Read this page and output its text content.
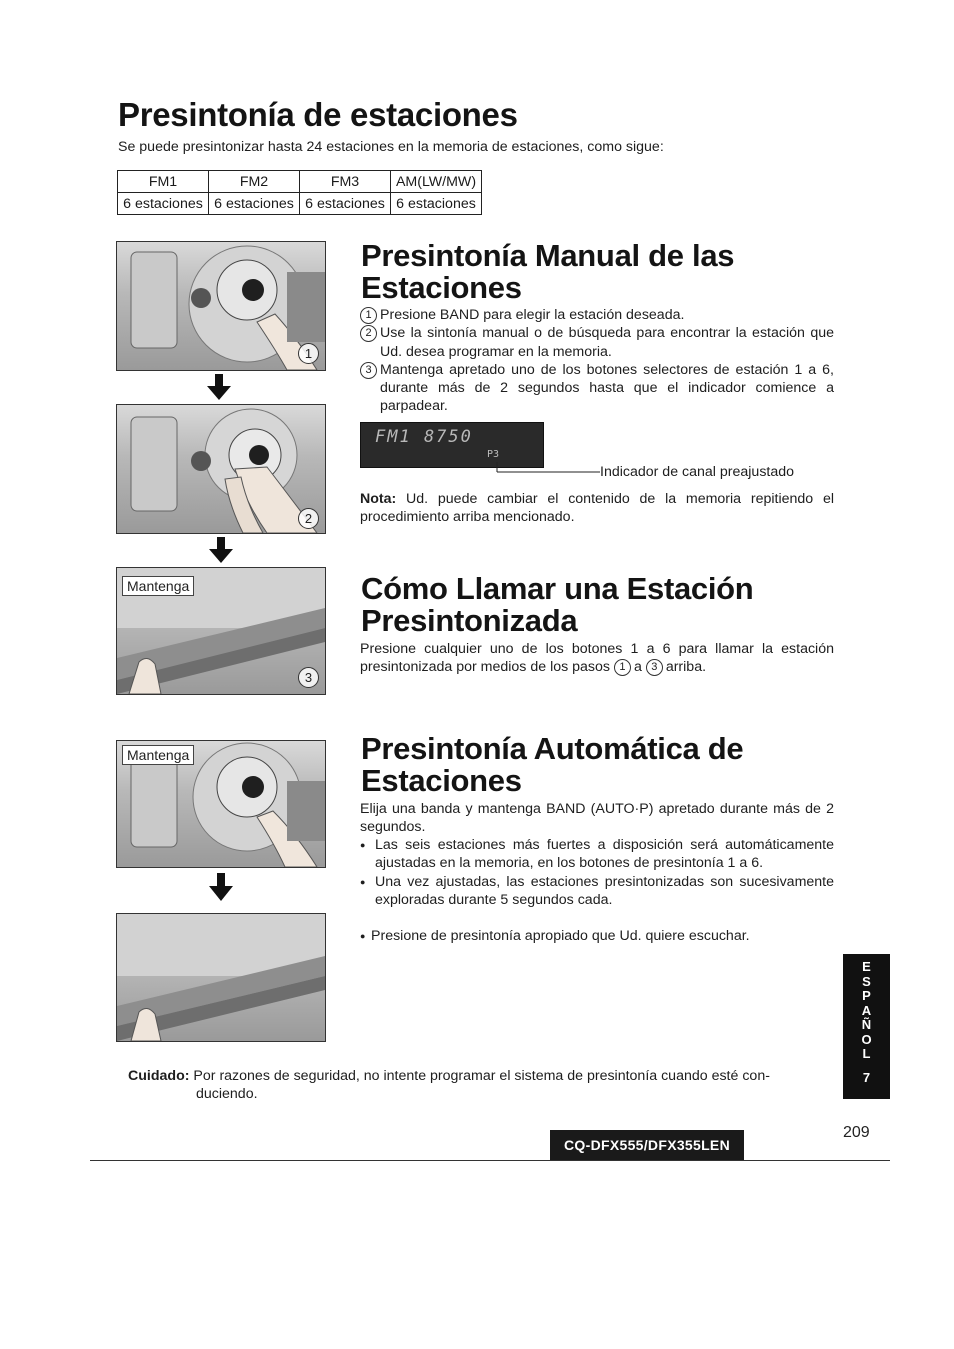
Presintonía de estaciones
Se puede presintonizar hasta 24 estaciones en la memoria de estaciones, como sigue:
FM1	FM2	FM3	AM(LW/MW)
6 estaciones	6 estaciones	6 estaciones	6 estaciones
1
2
Mantenga
3
Mantenga
Presintonía Manual de las
Estaciones
1 Presione BAND para elegir la estación deseada.
2 Use la sintonía manual o de búsqueda para encontrar la estación que Ud. desea programar en la memoria.
3 Mantenga apretado uno de los botones selectores de estación 1 a 6, durante más de 2 segundos hasta que el indicador comience a parpadear.
FM1 8750
P3
Indicador de canal preajustado
Nota: Ud. puede cambiar el contenido de la memoria repitiendo el procedimiento arriba mencionado.
Cómo Llamar una Estación
Presintonizada
Presione cualquier uno de los botones 1 a 6 para llamar la estación presintonizada por medios de los pasos 1 a 3 arriba.
Presintonía Automática de
Estaciones
Elija una banda y mantenga BAND (AUTO·P) apretado durante más de 2 segundos.
● Las seis estaciones más fuertes a disposición será automáticamente ajustadas en la memoria, en los botones de presintonía 1 a 6.
● Una vez ajustadas, las estaciones presintonizadas son sucesivamente exploradas durante 5 segundos cada.
● Presione de presintonía apropiado que Ud. quiere escuchar.
Cuidado: Por razones de seguridad, no intente programar el sistema de presintonía cuando esté con-
duciendo.
E
S
P
A
Ñ
O
L
7
209
CQ-DFX555/DFX355LEN
